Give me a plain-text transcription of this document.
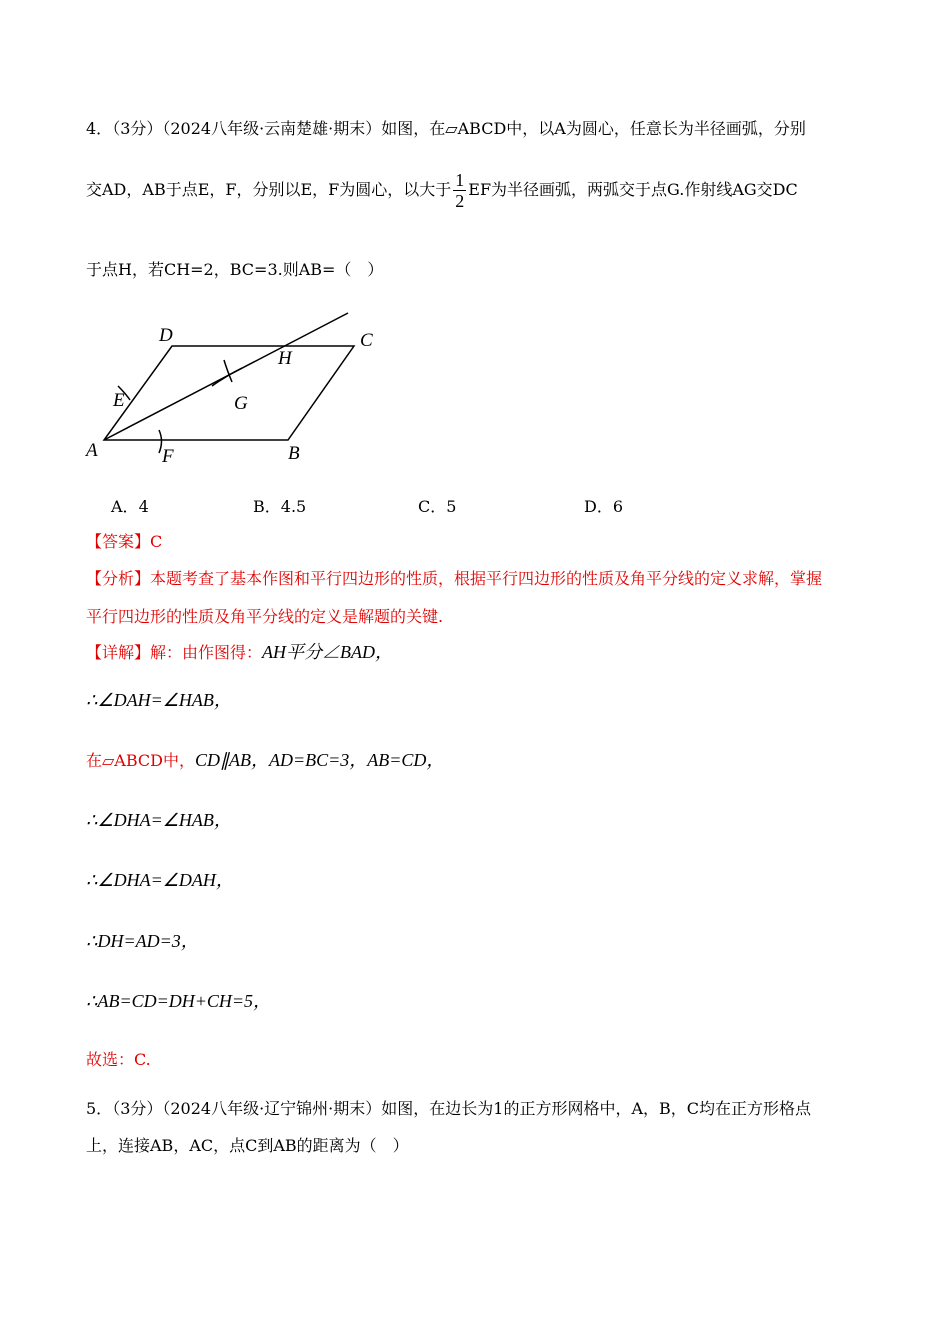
4．（3分）（2024八年级·云南楚雄·期末）如图，在▱ABCD中，以A为圆心，任意长为半径画弧，分别
交AD，AB于点E，F，分别以E，F为圆心，以大于 $\frac{1}{2}$ EF为半径画弧，两弧交于点G.作射线AG交DC
于点H，若CH=2，BC=3.则AB=（　）
D	C
H
E	G
A	F	B
A．4	B．4.5	C．5	D．6
【答案】C
【分析】本题考查了基本作图和平行四边形的性质，根据平行四边形的性质及角平分线的定义求解，掌握
平行四边形的性质及角平分线的定义是解题的关键.
【详解】解：由作图得：AH平分∠BAD，
∴∠DAH=∠HAB，
在▱ABCD中，CD∥AB，AD=BC=3，AB=CD，
∴∠DHA=∠HAB，
∴∠DHA=∠DAH，
∴DH=AD=3，
∴AB=CD=DH+CH=5，
故选：C.
5．（3分）（2024八年级·辽宁锦州·期末）如图，在边长为1的正方形网格中，A，B，C均在正方形格点
上，连接AB，AC，点C到AB的距离为（　）
